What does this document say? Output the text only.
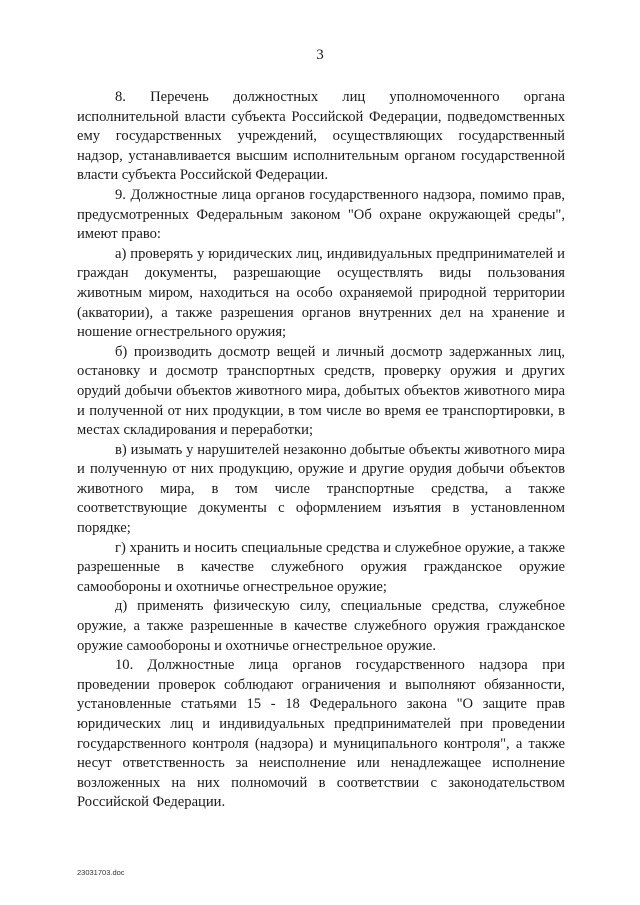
3

8. Перечень должностных лиц уполномоченного органа исполнительной власти субъекта Российской Федерации, подведомственных ему государственных учреждений, осуществляющих государственный надзор, устанавливается высшим исполнительным органом государственной власти субъекта Российской Федерации.

9. Должностные лица органов государственного надзора, помимо прав, предусмотренных Федеральным законом "Об охране окружающей среды", имеют право:

а) проверять у юридических лиц, индивидуальных предпринимателей и граждан документы, разрешающие осуществлять виды пользования животным миром, находиться на особо охраняемой природной территории (акватории), а также разрешения органов внутренних дел на хранение и ношение огнестрельного оружия;

б) производить досмотр вещей и личный досмотр задержанных лиц, остановку и досмотр транспортных средств, проверку оружия и других орудий добычи объектов животного мира, добытых объектов животного мира и полученной от них продукции, в том числе во время ее транспортировки, в местах складирования и переработки;

в) изымать у нарушителей незаконно добытые объекты животного мира и полученную от них продукцию, оружие и другие орудия добычи объектов животного мира, в том числе транспортные средства, а также соответствующие документы с оформлением изъятия в установленном порядке;

г) хранить и носить специальные средства и служебное оружие, а также разрешенные в качестве служебного оружия гражданское оружие самообороны и охотничье огнестрельное оружие;

д) применять физическую силу, специальные средства, служебное оружие, а также разрешенные в качестве служебного оружия гражданское оружие самообороны и охотничье огнестрельное оружие.

10. Должностные лица органов государственного надзора при проведении проверок соблюдают ограничения и выполняют обязанности, установленные статьями 15 - 18 Федерального закона "О защите прав юридических лиц и индивидуальных предпринимателей при проведении государственного контроля (надзора) и муниципального контроля", а также несут ответственность за неисполнение или ненадлежащее исполнение возложенных на них полномочий в соответствии с законодательством Российской Федерации.

23031703.doc
